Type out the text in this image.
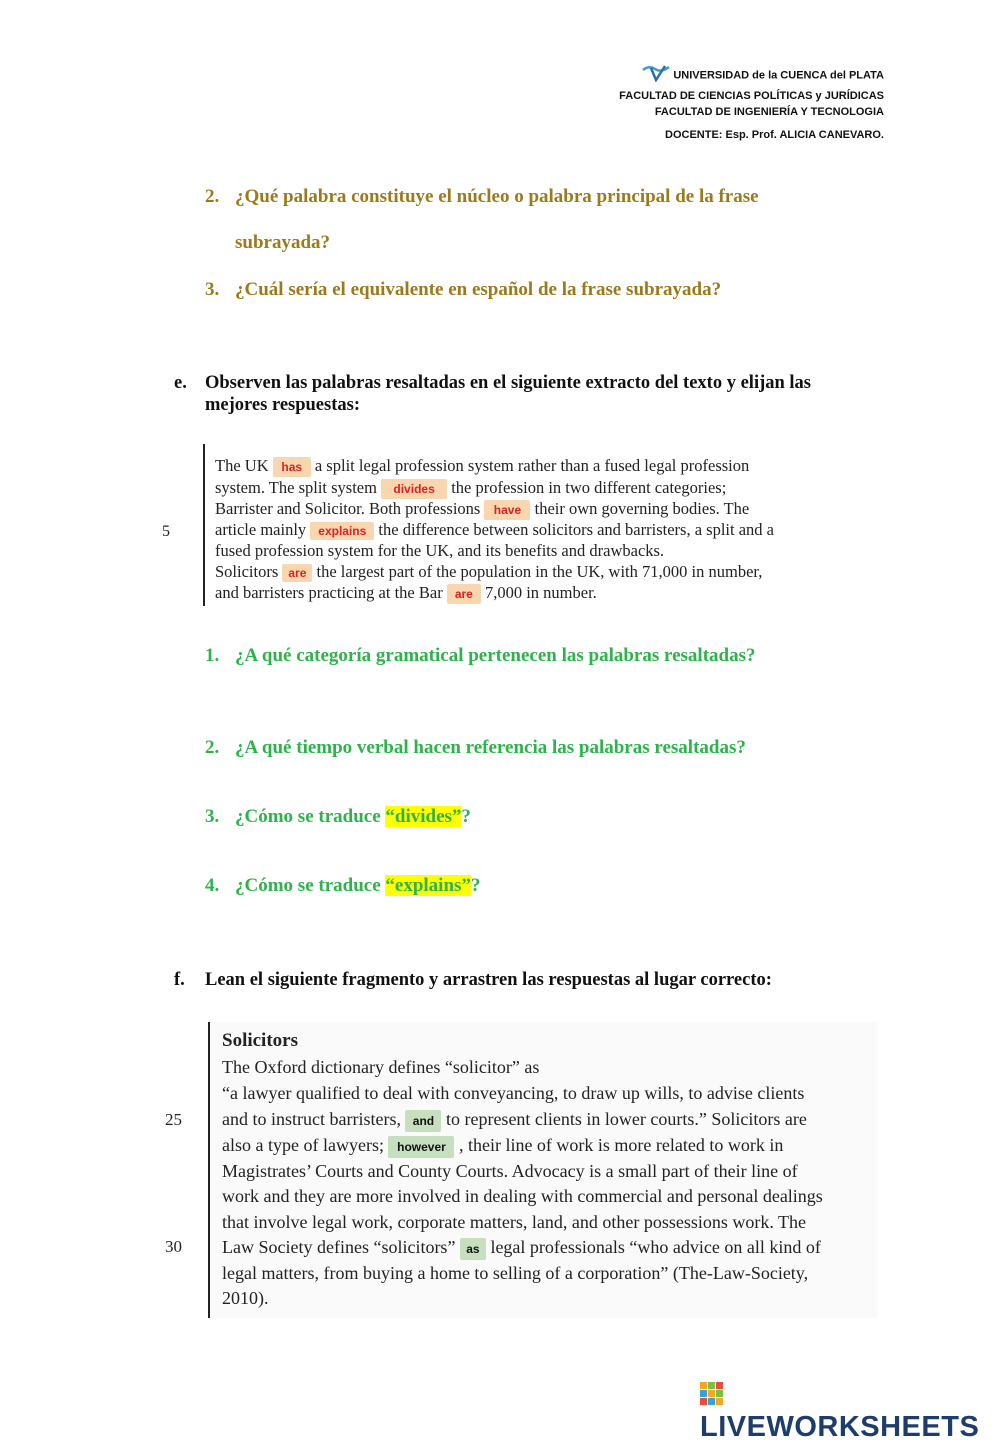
UNIVERSIDAD de la CUENCA del PLATA
FACULTAD DE CIENCIAS POLÍTICAS y JURÍDICAS
FACULTAD DE INGENIERÍA Y TECNOLOGIA
DOCENTE: Esp. Prof. ALICIA CANEVARO.
2. ¿Qué palabra constituye el núcleo o palabra principal de la frase
subrayada?
3. ¿Cuál sería el equivalente en español de la frase subrayada?
e. Observen las palabras resaltadas en el siguiente extracto del texto y elijan las mejores respuestas:
5
The UK has a split legal profession system rather than a fused legal profession
system. The split system divides the profession in two different categories;
Barrister and Solicitor. Both professions have their own governing bodies. The
article mainly explains the difference between solicitors and barristers, a split and a
fused profession system for the UK, and its benefits and drawbacks.
Solicitors are the largest part of the population in the UK, with 71,000 in number,
and barristers practicing at the Bar are 7,000 in number.
1. ¿A qué categoría gramatical pertenecen las palabras resaltadas?
2. ¿A qué tiempo verbal hacen referencia las palabras resaltadas?
3. ¿Cómo se traduce “divides”?
4. ¿Cómo se traduce “explains”?
f. Lean el siguiente fragmento y arrastren las respuestas al lugar correcto:
25
30
Solicitors
The Oxford dictionary defines “solicitor” as
“a lawyer qualified to deal with conveyancing, to draw up wills, to advise clients
and to instruct barristers, and to represent clients in lower courts.” Solicitors are
also a type of lawyers; however , their line of work is more related to work in
Magistrates’ Courts and County Courts. Advocacy is a small part of their line of
work and they are more involved in dealing with commercial and personal dealings
that involve legal work, corporate matters, land, and other possessions work. The
Law Society defines “solicitors” as legal professionals “who advice on all kind of
legal matters, from buying a home to selling of a corporation” (The-Law-Society,
2010).
LIVEWORKSHEETS
